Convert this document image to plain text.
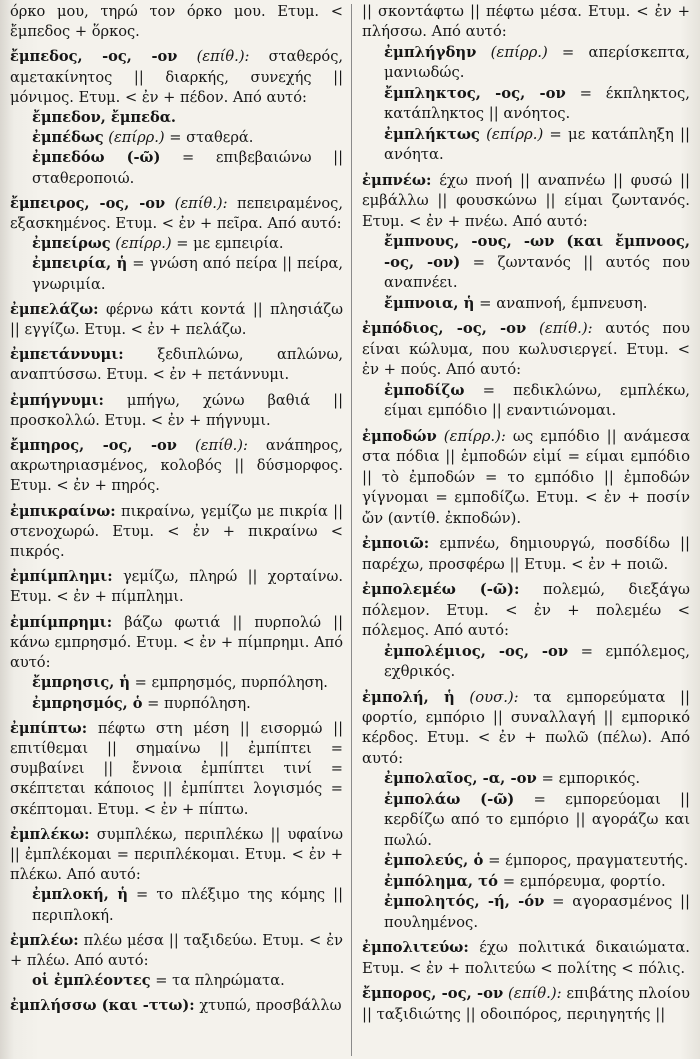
όρκο μου, τηρώ τον όρκο μου. Ετυμ. < ἔμπεδος + ὅρκος.

ἔμπεδος, -ος, -ον (επίθ.): σταθερός, αμετακίνητος || διαρκής, συνεχής || μόνιμος. Ετυμ. < ἐν + πέδον. Από αυτό:

ἔμπεδον, ἔμπεδα.

ἐμπέδως (επίρρ.) = σταθερά.

ἐμπεδόω (-ῶ) = επιβεβαιώνω || σταθεροποιώ.

ἔμπειρος, -ος, -ον (επίθ.): πεπειραμένος, εξασκημένος. Ετυμ. < ἐν + πεῖρα. Από αυτό:

ἐμπείρως (επίρρ.) = με εμπειρία.

ἐμπειρία, ἡ = γνώση από πείρα || πείρα, γνωριμία.

ἐμπελάζω: φέρνω κάτι κοντά || πλησιάζω || εγγίζω. Ετυμ. < ἐν + πελάζω.

ἐμπετάννυμι: ξεδιπλώνω, απλώνω, αναπτύσσω. Ετυμ. < ἐν + πετάννυμι.

ἐμπήγνυμι: μπήγω, χώνω βαθιά || προσκολλώ. Ετυμ. < ἐν + πήγνυμι.

ἔμπηρος, -ος, -ον (επίθ.): ανάπηρος, ακρωτηριασμένος, κολοβός || δύσμορφος. Ετυμ. < ἐν + πηρός.

ἐμπικραίνω: πικραίνω, γεμίζω με πικρία || στενοχωρώ. Ετυμ. < ἐν + πικραίνω < πικρός.

ἐμπίμπλημι: γεμίζω, πληρώ || χορταίνω. Ετυμ. < ἐν + πίμπλημι.

ἐμπίμπρημι: βάζω φωτιά || πυρπολώ || κάνω εμπρησμό. Ετυμ. < ἐν + πίμπρημι. Από αυτό:

ἔμπρησις, ἡ = εμπρησμός, πυρπόληση.

ἐμπρησμός, ὁ = πυρπόληση.

ἐμπίπτω: πέφτω στη μέση || εισορμώ || επιτίθεμαι || σημαίνω || ἐμπίπτει = συμβαίνει || ἔννοια ἐμπίπτει τινί = σκέπτεται κάποιος || ἐμπίπτει λογισμός = σκέπτομαι. Ετυμ. < ἐν + πίπτω.

ἐμπλέκω: συμπλέκω, περιπλέκω || υφαίνω || ἐμπλέκομαι = περιπλέκομαι. Ετυμ. < ἐν + πλέκω. Από αυτό:

ἐμπλοκή, ἡ = το πλέξιμο της κόμης || περιπλοκή.

ἐμπλέω: πλέω μέσα || ταξιδεύω. Ετυμ. < ἐν + πλέω. Από αυτό:

οἱ ἐμπλέοντες = τα πληρώματα.

ἐμπλήσσω (και -ττω): χτυπώ, προσβάλλω

|| σκοντάφτω || πέφτω μέσα. Ετυμ. < ἐν + πλήσσω. Από αυτό:

ἐμπλήγδην (επίρρ.) = απερίσκεπτα, μανιωδώς.

ἔμπληκτος, -ος, -ον = έκπληκτος, κατάπληκτος || ανόητος.

ἐμπλήκτως (επίρρ.) = με κατάπληξη || ανόητα.

ἐμπνέω: έχω πνοή || αναπνέω || φυσώ || εμβάλλω || φουσκώνω || είμαι ζωντανός. Ετυμ. < ἐν + πνέω. Από αυτό:

ἔμπνους, -ους, -ων (και ἔμπνοος, -ος, -ον) = ζωντανός || αυτός που αναπνέει.

ἔμπνοια, ἡ = αναπνοή, έμπνευση.

ἐμπόδιος, -ος, -ον (επίθ.): αυτός που είναι κώλυμα, που κωλυσιεργεί. Ετυμ. < ἐν + πούς. Από αυτό:

ἐμποδίζω = πεδικλώνω, εμπλέκω, είμαι εμπόδιο || εναντιώνομαι.

ἐμποδών (επίρρ.): ως εμπόδιο || ανάμεσα στα πόδια || ἐμποδών εἰμί = είμαι εμπόδιο || τὸ ἐμποδών = το εμπόδιο || ἐμποδών γίγνομαι = εμποδίζω. Ετυμ. < ἐν + ποσίν ὤν (αντίθ. ἐκποδών).

ἐμποιῶ: εμπνέω, δημιουργώ, ποσδίδω || παρέχω, προσφέρω || Ετυμ. < ἐν + ποιῶ.

ἐμπολεμέω (-ῶ): πολεμώ, διεξάγω πόλεμον. Ετυμ. < ἐν + πολεμέω < πόλεμος. Από αυτό:

ἐμπολέμιος, -ος, -ον = εμπόλεμος, εχθρικός.

ἐμπολή, ἡ (ουσ.): τα εμπορεύματα || φορτίο, εμπόριο || συναλλαγή || εμπορικό κέρδος. Ετυμ. < ἐν + πωλῶ (πέλω). Από αυτό:

ἐμπολαῖος, -α, -ον = εμπορικός.

ἐμπολάω (-ῶ) = εμπορεύομαι || κερδίζω από το εμπόριο || αγοράζω και πωλώ.

ἐμπολεύς, ὁ = έμπορος, πραγματευτής.

ἐμπόλημα, τό = εμπόρευμα, φορτίο.

ἐμπολητός, -ή, -όν = αγορασμένος || πουλημένος.

ἐμπολιτεύω: έχω πολιτικά δικαιώματα. Ετυμ. < ἐν + πολιτεύω < πολίτης < πόλις.

ἔμπορος, -ος, -ον (επίθ.): επιβάτης πλοίου || ταξιδιώτης || οδοιπόρος, περιηγητής ||
